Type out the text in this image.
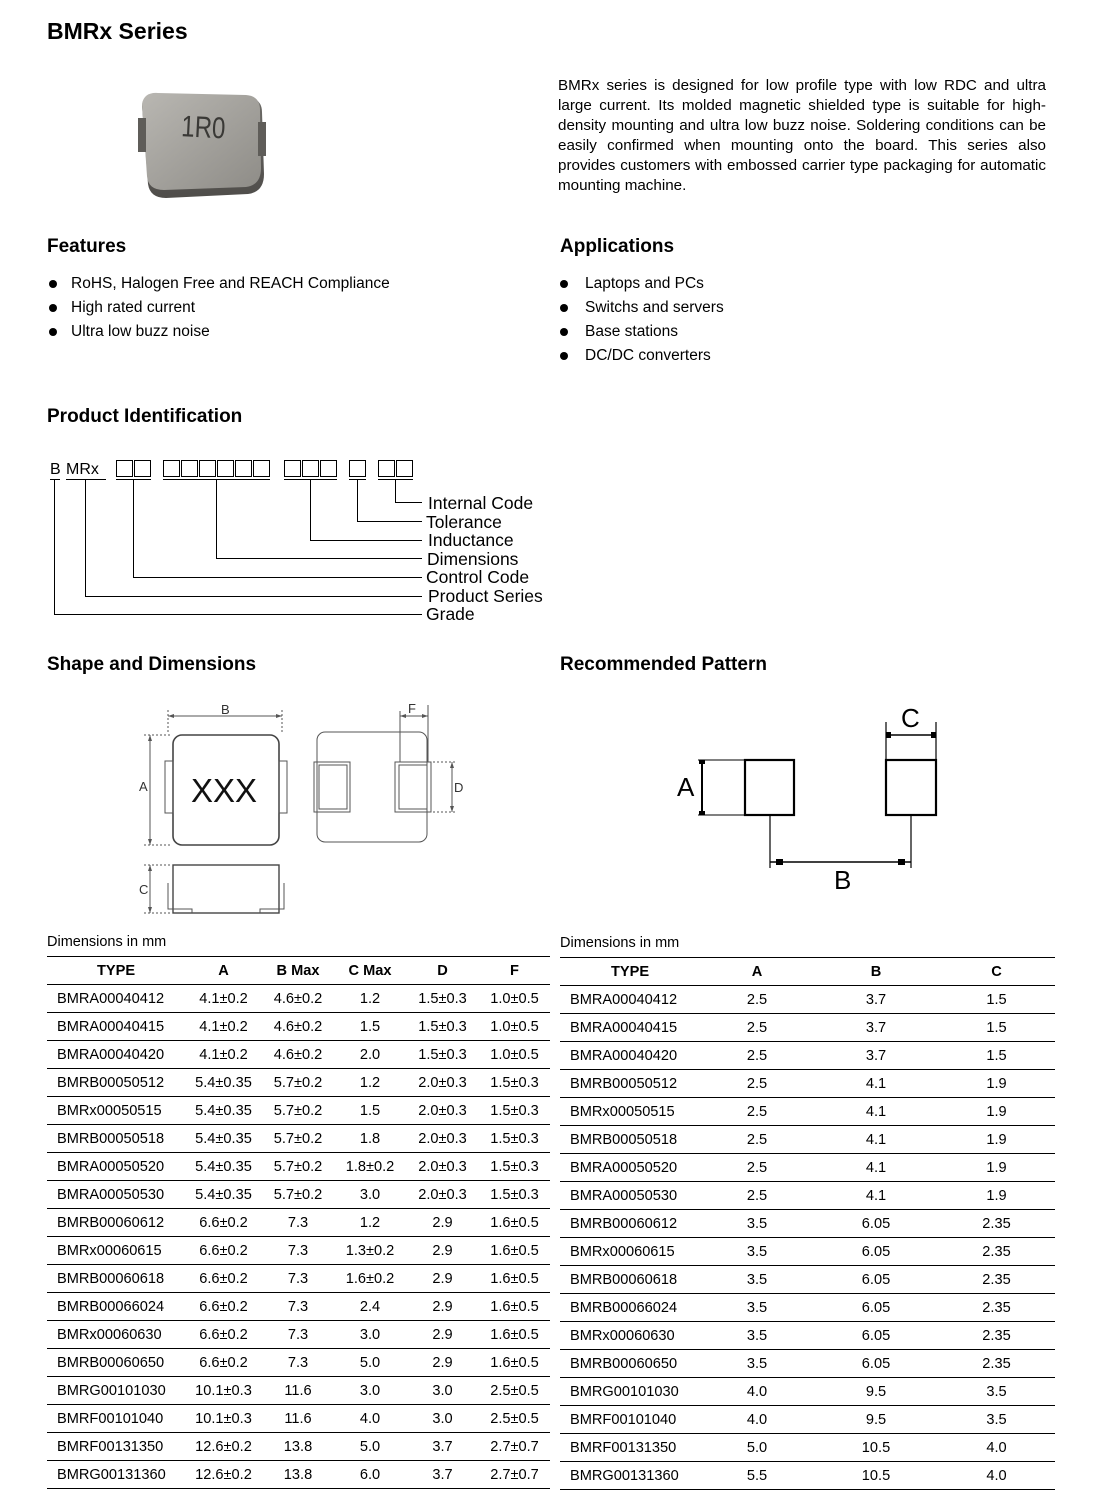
BMRx Series
1R0
BMRx series is designed for low profile type with low RDC and ultra large current. Its molded magnetic shielded type is suitable for high-density mounting and ultra low buzz noise. Soldering conditions can be easily confirmed when mounting onto the board. This series also provides customers with embossed carrier type packaging for automatic mounting machine.
Features
RoHS, Halogen Free and REACH Compliance
High rated current
Ultra low buzz noise
Applications
Laptops and PCs
Switchs and servers
Base stations
DC/DC converters
Product Identification
B MRx
Internal Code
Tolerance
Inductance
Dimensions
Control Code
Product Series
Grade
Shape and Dimensions
B
A
F
D
C
XXX
Recommended Pattern
A
C
B
Dimensions in mm
TYPE	A	B Max	C Max	D	F
BMRA00040412	4.1±0.2	4.6±0.2	1.2	1.5±0.3	1.0±0.5
BMRA00040415	4.1±0.2	4.6±0.2	1.5	1.5±0.3	1.0±0.5
BMRA00040420	4.1±0.2	4.6±0.2	2.0	1.5±0.3	1.0±0.5
BMRB00050512	5.4±0.35	5.7±0.2	1.2	2.0±0.3	1.5±0.3
BMRx00050515	5.4±0.35	5.7±0.2	1.5	2.0±0.3	1.5±0.3
BMRB00050518	5.4±0.35	5.7±0.2	1.8	2.0±0.3	1.5±0.3
BMRA00050520	5.4±0.35	5.7±0.2	1.8±0.2	2.0±0.3	1.5±0.3
BMRA00050530	5.4±0.35	5.7±0.2	3.0	2.0±0.3	1.5±0.3
BMRB00060612	6.6±0.2	7.3	1.2	2.9	1.6±0.5
BMRx00060615	6.6±0.2	7.3	1.3±0.2	2.9	1.6±0.5
BMRB00060618	6.6±0.2	7.3	1.6±0.2	2.9	1.6±0.5
BMRB00066024	6.6±0.2	7.3	2.4	2.9	1.6±0.5
BMRx00060630	6.6±0.2	7.3	3.0	2.9	1.6±0.5
BMRB00060650	6.6±0.2	7.3	5.0	2.9	1.6±0.5
BMRG00101030	10.1±0.3	11.6	3.0	3.0	2.5±0.5
BMRF00101040	10.1±0.3	11.6	4.0	3.0	2.5±0.5
BMRF00131350	12.6±0.2	13.8	5.0	3.7	2.7±0.7
BMRG00131360	12.6±0.2	13.8	6.0	3.7	2.7±0.7
Dimensions in mm
TYPE	A	B	C
BMRA00040412	2.5	3.7	1.5
BMRA00040415	2.5	3.7	1.5
BMRA00040420	2.5	3.7	1.5
BMRB00050512	2.5	4.1	1.9
BMRx00050515	2.5	4.1	1.9
BMRB00050518	2.5	4.1	1.9
BMRA00050520	2.5	4.1	1.9
BMRA00050530	2.5	4.1	1.9
BMRB00060612	3.5	6.05	2.35
BMRx00060615	3.5	6.05	2.35
BMRB00060618	3.5	6.05	2.35
BMRB00066024	3.5	6.05	2.35
BMRx00060630	3.5	6.05	2.35
BMRB00060650	3.5	6.05	2.35
BMRG00101030	4.0	9.5	3.5
BMRF00101040	4.0	9.5	3.5
BMRF00131350	5.0	10.5	4.0
BMRG00131360	5.5	10.5	4.0
